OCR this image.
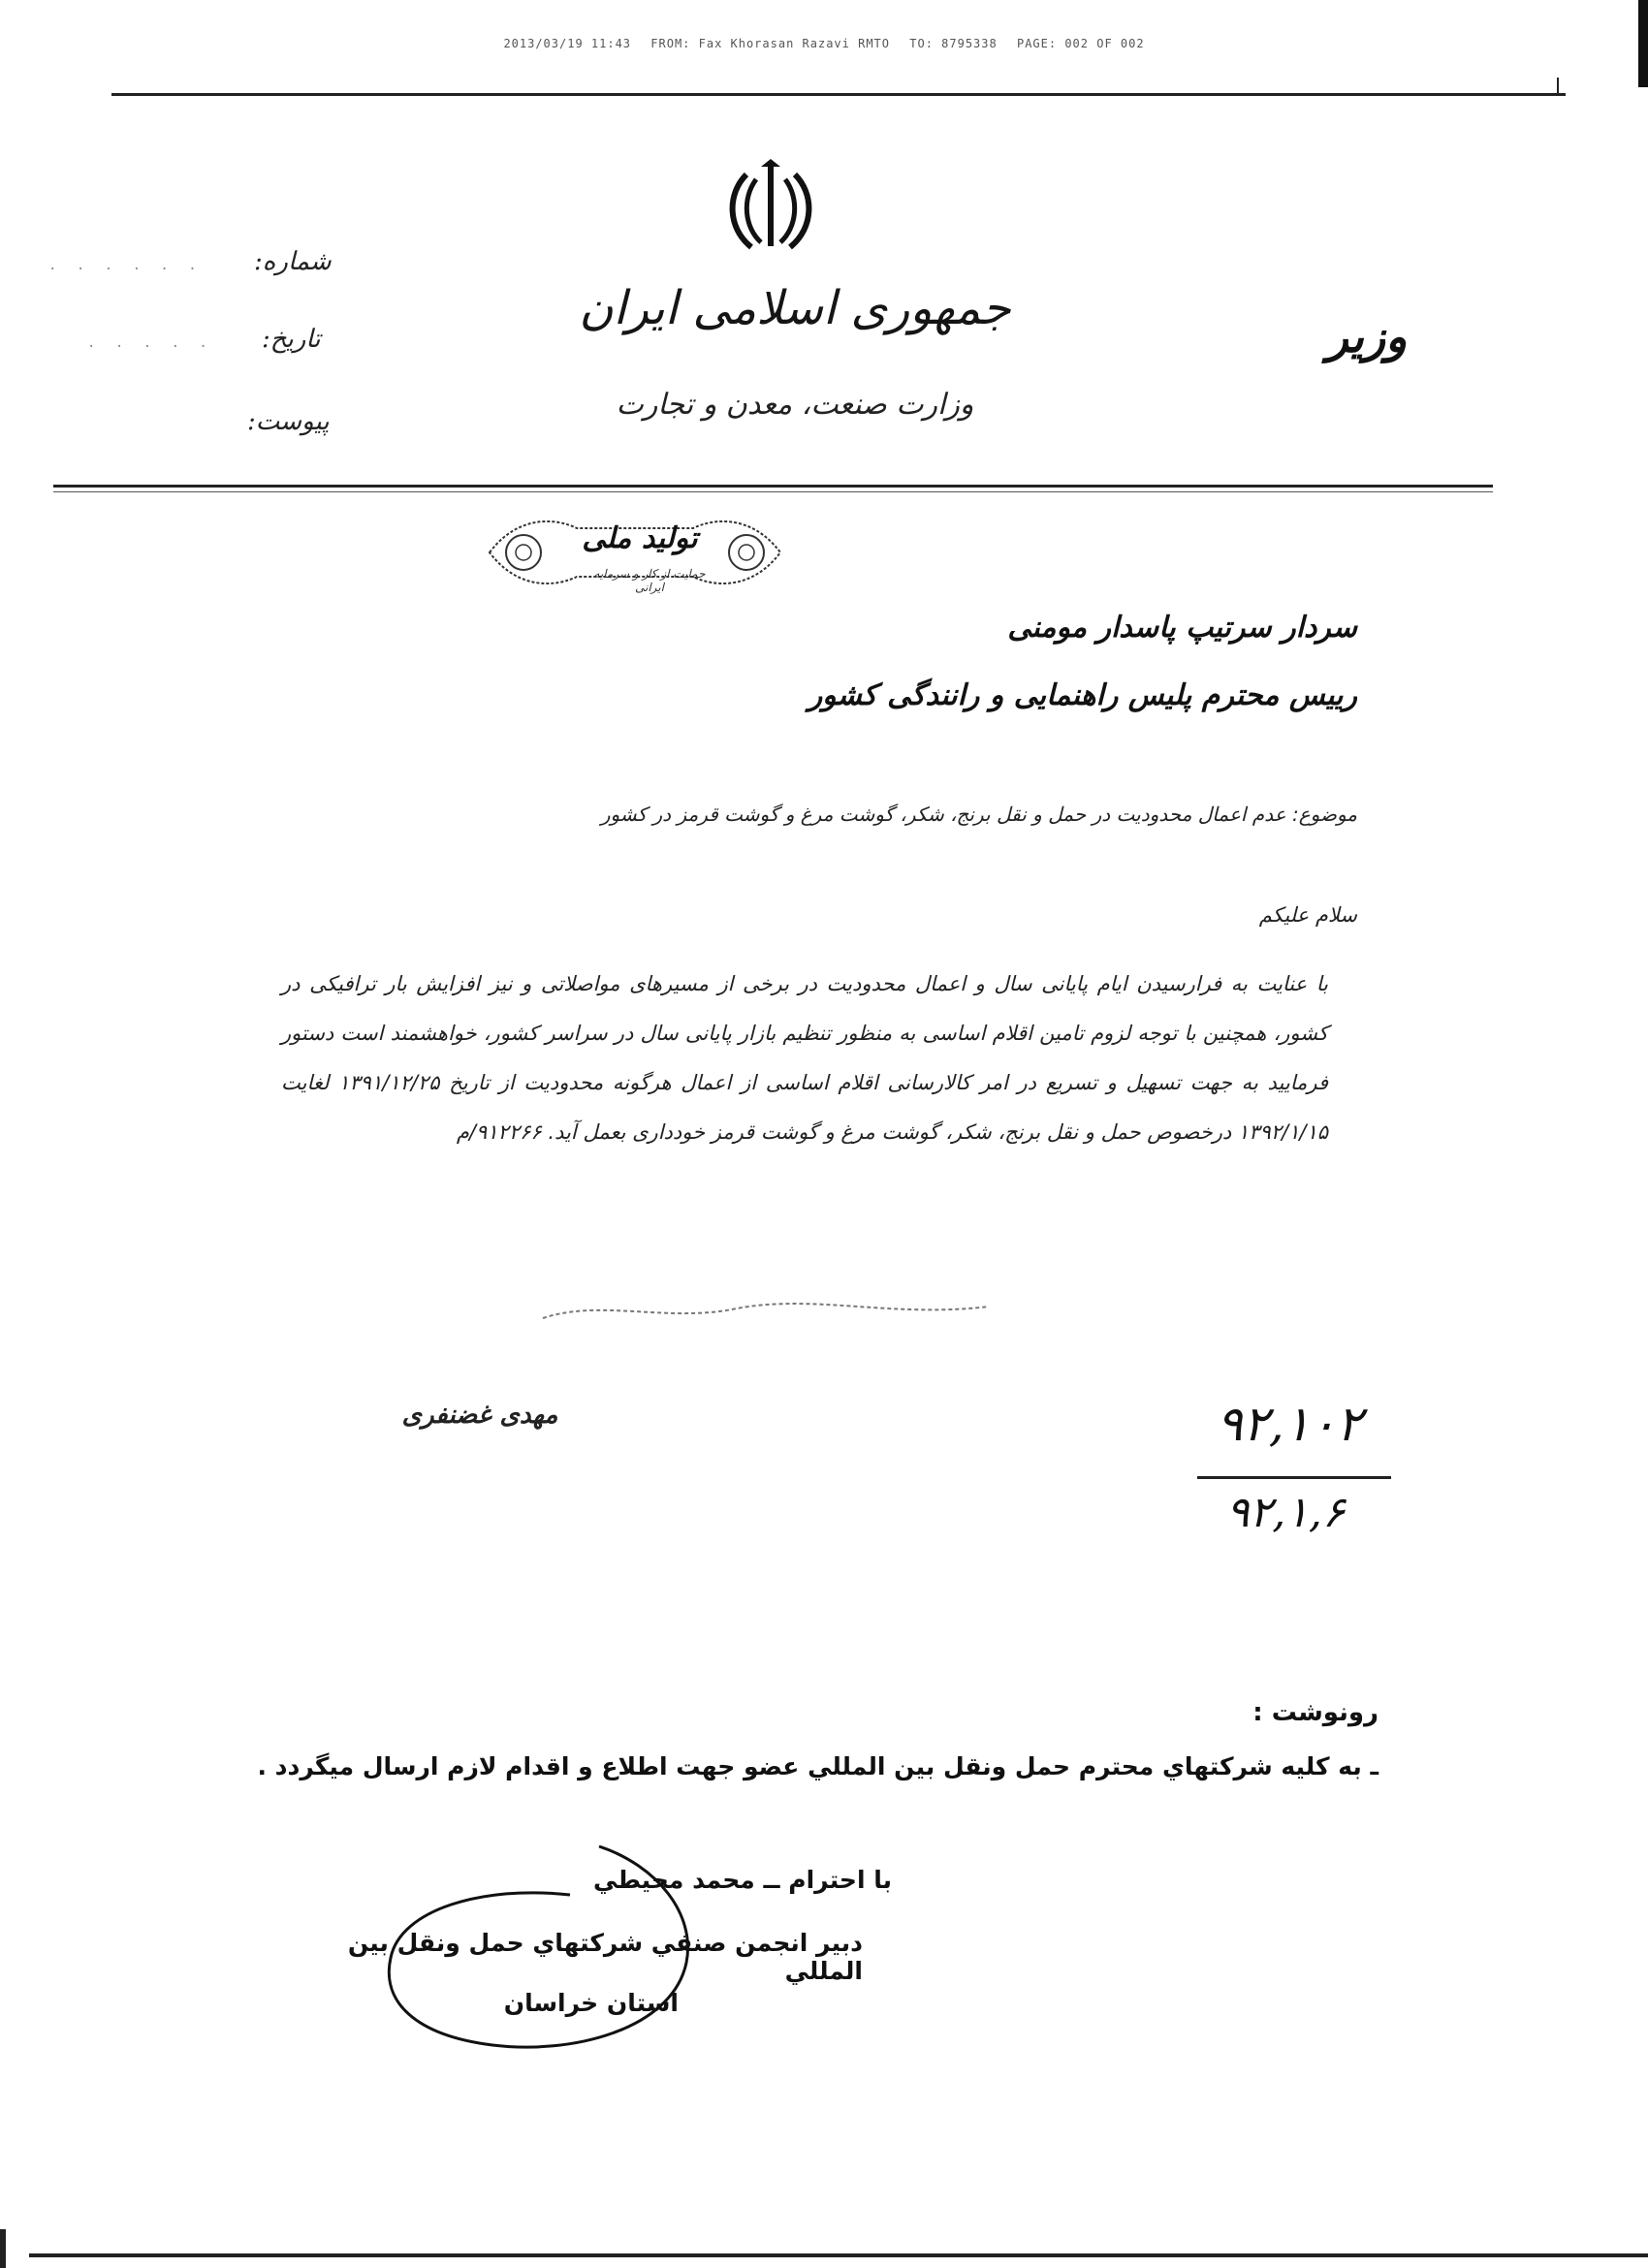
2013/03/19 11:43 FROM: Fax Khorasan Razavi RMTO TO: 8795338 PAGE: 002 OF 002
جمهوری اسلامی ایران
وزارت صنعت، معدن و تجارت
وزیر
شماره:
تاریخ:
پیوست:
· · · · · ·
· · · · ·
تولید ملی
حمایت از کار و سرمایه ایرانی
سردار سرتیپ پاسدار مومنی
رییس محترم پلیس راهنمایی و رانندگی کشور
موضوع: عدم اعمال محدودیت در حمل و نقل برنج، شکر، گوشت مرغ و گوشت قرمز در کشور
سلام علیکم
با عنایت به فرارسیدن ایام پایانی سال و اعمال محدودیت در برخی از مسیرهای مواصلاتی و نیز افزایش بار ترافیکی در کشور، همچنین با توجه لزوم تامین اقلام اساسی به منظور تنظیم بازار پایانی سال در سراسر کشور، خواهشمند است دستور فرمایید به جهت تسهیل و تسریع در امر کالارسانی اقلام اساسی از اعمال هرگونه محدودیت از تاریخ ۱۳۹۱/۱۲/۲۵ لغایت ۱۳۹۲/۱/۱۵ درخصوص حمل و نقل برنج، شکر، گوشت مرغ و گوشت قرمز خودداری بعمل آید. ۹۱۲۲۶۶/م
مهدی غضنفری	۹۲,۱۰۲
۹۲,۱,۶
رونوشت :
ـ به كليه شركتهاي محترم حمل ونقل بين المللي عضو جهت اطلاع و اقدام لازم ارسال ميگردد .
با احترام ــ محمد محيطي
دبير انجمن صنفي شركتهاي حمل ونقل بين المللي
استان خراسان
